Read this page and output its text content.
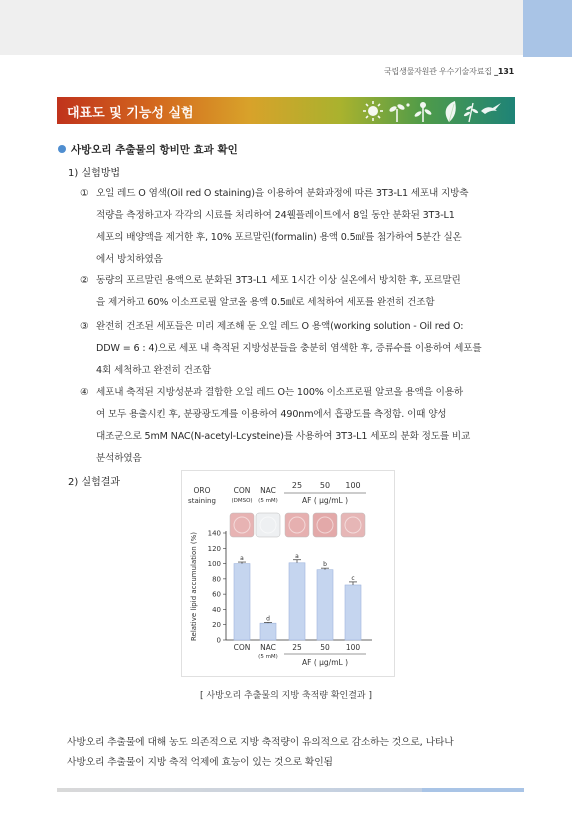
국립생물자원관 우수기술자료집 _131
대표도 및 기능성 실험
사방오리 추출물의 항비만 효과 확인
1) 실험방법
① 오일 레드 O 염색(Oil red O staining)을 이용하여 분화과정에 따른 3T3-L1 세포내 지방축
적량을 측정하고자 각각의 시료를 처리하여 24웰플레이트에서 8일 동안 분화된 3T3-L1
세포의 배양액을 제거한 후, 10% 포르말린(formalin) 용액 0.5㎖를 첨가하여 5분간 실온
에서 방치하였음
② 동량의 포르말린 용액으로 분화된 3T3-L1 세포 1시간 이상 실온에서 방치한 후, 포르말린
을 제거하고 60% 이소프로필 알코올 용액 0.5㎖로 세척하여 세포를 완전히 건조함
③ 완전히 건조된 세포들은 미리 제조해 둔 오일 레드 O 용액(working solution - Oil red O:
DDW = 6 : 4)으로 세포 내 축적된 지방성분들을 충분히 염색한 후, 증류수를 이용하여 세포를
4회 세척하고 완전히 건조함
④ 세포내 축적된 지방성분과 결합한 오일 레드 O는 100% 이소프로필 알코올 용액을 이용하
여 모두 용출시킨 후, 분광광도계를 이용하여 490nm에서 흡광도를 측정함. 이때 양성
대조군으로 5mM NAC(N-acetyl-Lcysteine)를 사용하여 3T3-L1 세포의 분화 정도를 비교
분석하였음
2) 실험결과
ORO
staining
CON
(DMSO)
NAC
(5 mM)
25 50 100
AF ( μg/mL )
0
20
40
60
80
100
120
140
a
CON
d
NAC
(5 mM)
a
25
b
50
c
100
AF ( μg/mL )
Relative lipid accumulation (%)
[ 사방오리 추출물의 지방 축적량 확인결과 ]
사방오리 추출물에 대해 농도 의존적으로 지방 축적량이 유의적으로 감소하는 것으로, 나타나
사방오리 추출물이 지방 축적 억제에 효능이 있는 것으로 확인됨
